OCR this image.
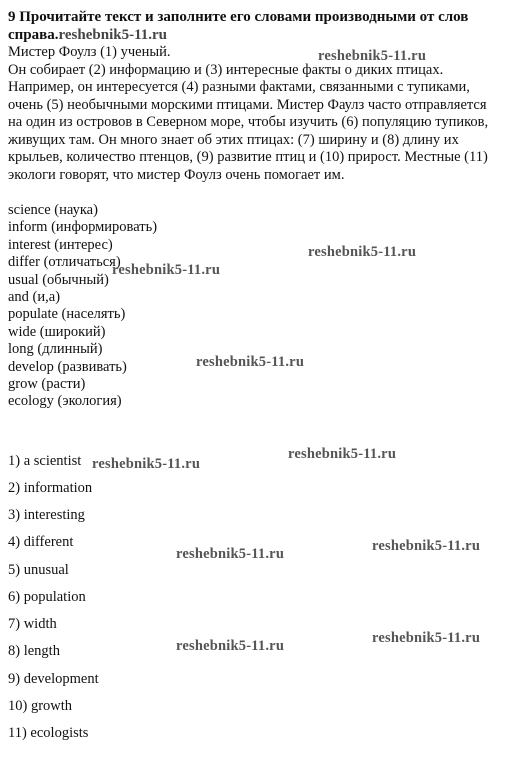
9 Прочитайте текст и заполните его словами производными от слов справа.reshebnik5-11.ru

Мистер Фоулз (1) ученый.

Он собирает (2) информацию и (3) интересные факты о диких птицах.

Например, он интересуется (4) разными фактами, связанными с тупиками,

очень (5) необычными морскими птицами. Мистер Фаулз часто отправляется

на один из островов в Северном море, чтобы изучить (6) популяцию тупиков,

живущих там. Он много знает об этих птицах: (7) ширину и (8) длину их

крыльев, количество птенцов, (9) развитие птиц и (10) прирост. Местные (11)

экологи говорят, что мистер Фоулз очень помогает им.

science (наука)
inform (информировать)
interest (интерес)
differ (отличаться)
usual (обычный)
and (и,а)
populate (населять)
wide (широкий)
long (длинный)
develop (развивать)
grow (расти)
ecology (экология)
1) a scientist
2) information
3) interesting
4) different
5) unusual
6) population
7) width
8) length
9) development
10) growth
11) ecologists
reshebnik5-11.ru
reshebnik5-11.ru
reshebnik5-11.ru
reshebnik5-11.ru
reshebnik5-11.ru
reshebnik5-11.ru
reshebnik5-11.ru
reshebnik5-11.ru
reshebnik5-11.ru
reshebnik5-11.ru
